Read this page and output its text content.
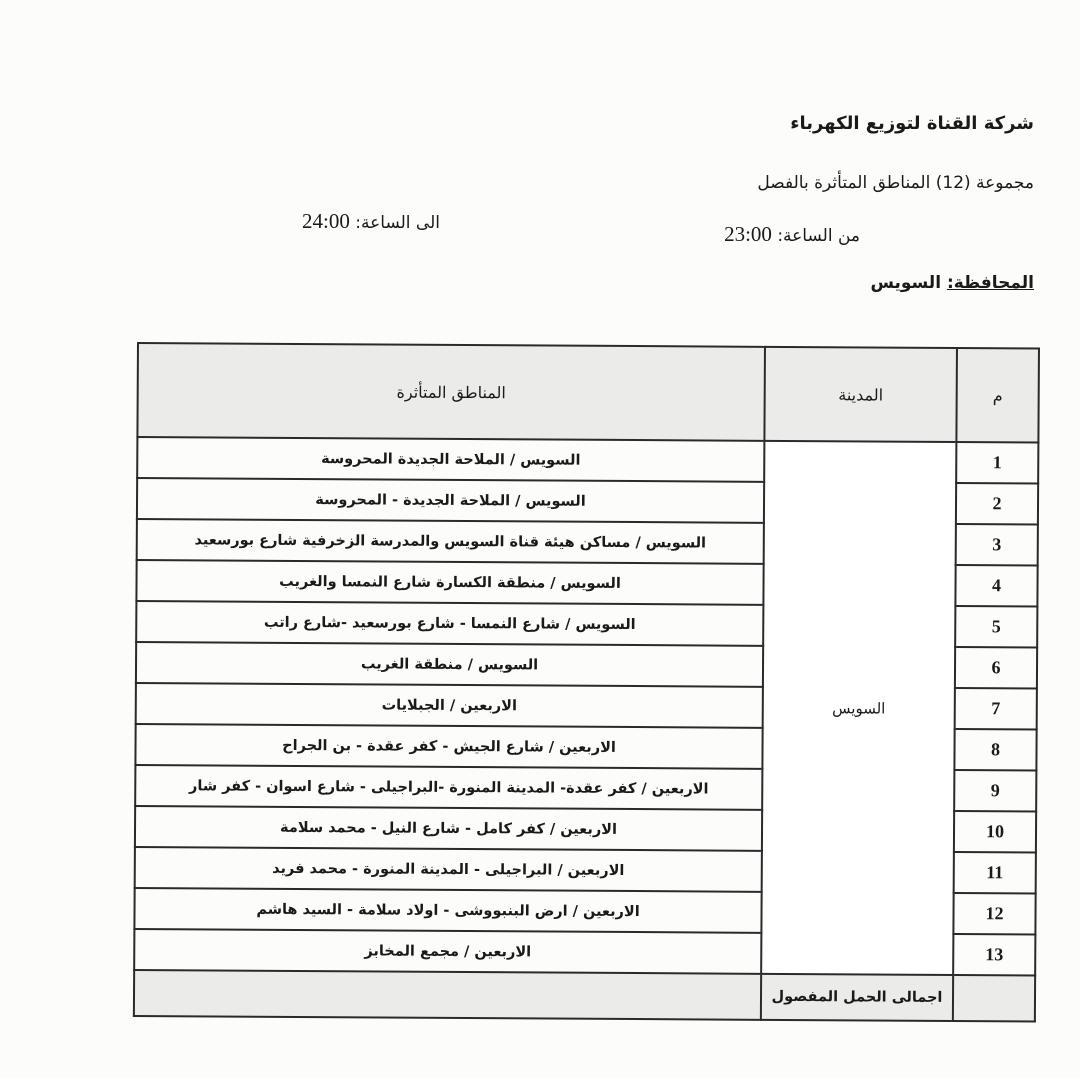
شركة القناة لتوزيع الكهرباء
مجموعة (12) المناطق المتأثرة بالفصل
من الساعة: 23:00
الى الساعة: 24:00
المحافظة: السويس
م	المدينة	المناطق المتأثرة
1	السويس	السويس / الملاحة الجديدة المحروسة
2		السويس / الملاحة الجديدة - المحروسة
3		السويس / مساكن هيئة قناة السويس والمدرسة الزخرفية شارع بورسعيد
4		السويس / منطقة الكسارة شارع النمسا والغريب
5		السويس / شارع النمسا - شارع بورسعيد -شارع راتب
6		السويس / منطقة الغريب
7		الاربعين / الجبلايات
8		الاربعين / شارع الجيش - كفر عقدة - بن الجراح
9		الاربعين / كفر عقدة- المدينة المنورة -البراجيلى - شارع اسوان - كفر شار
10		الاربعين / كفر كامل - شارع النيل - محمد سلامة
11		الاربعين / البراجيلى - المدينة المنورة - محمد فريد
12		الاربعين / ارض البنبووشى - اولاد سلامة - السيد هاشم
13		الاربعين / مجمع المخابز
	اجمالى الحمل المفصول	
